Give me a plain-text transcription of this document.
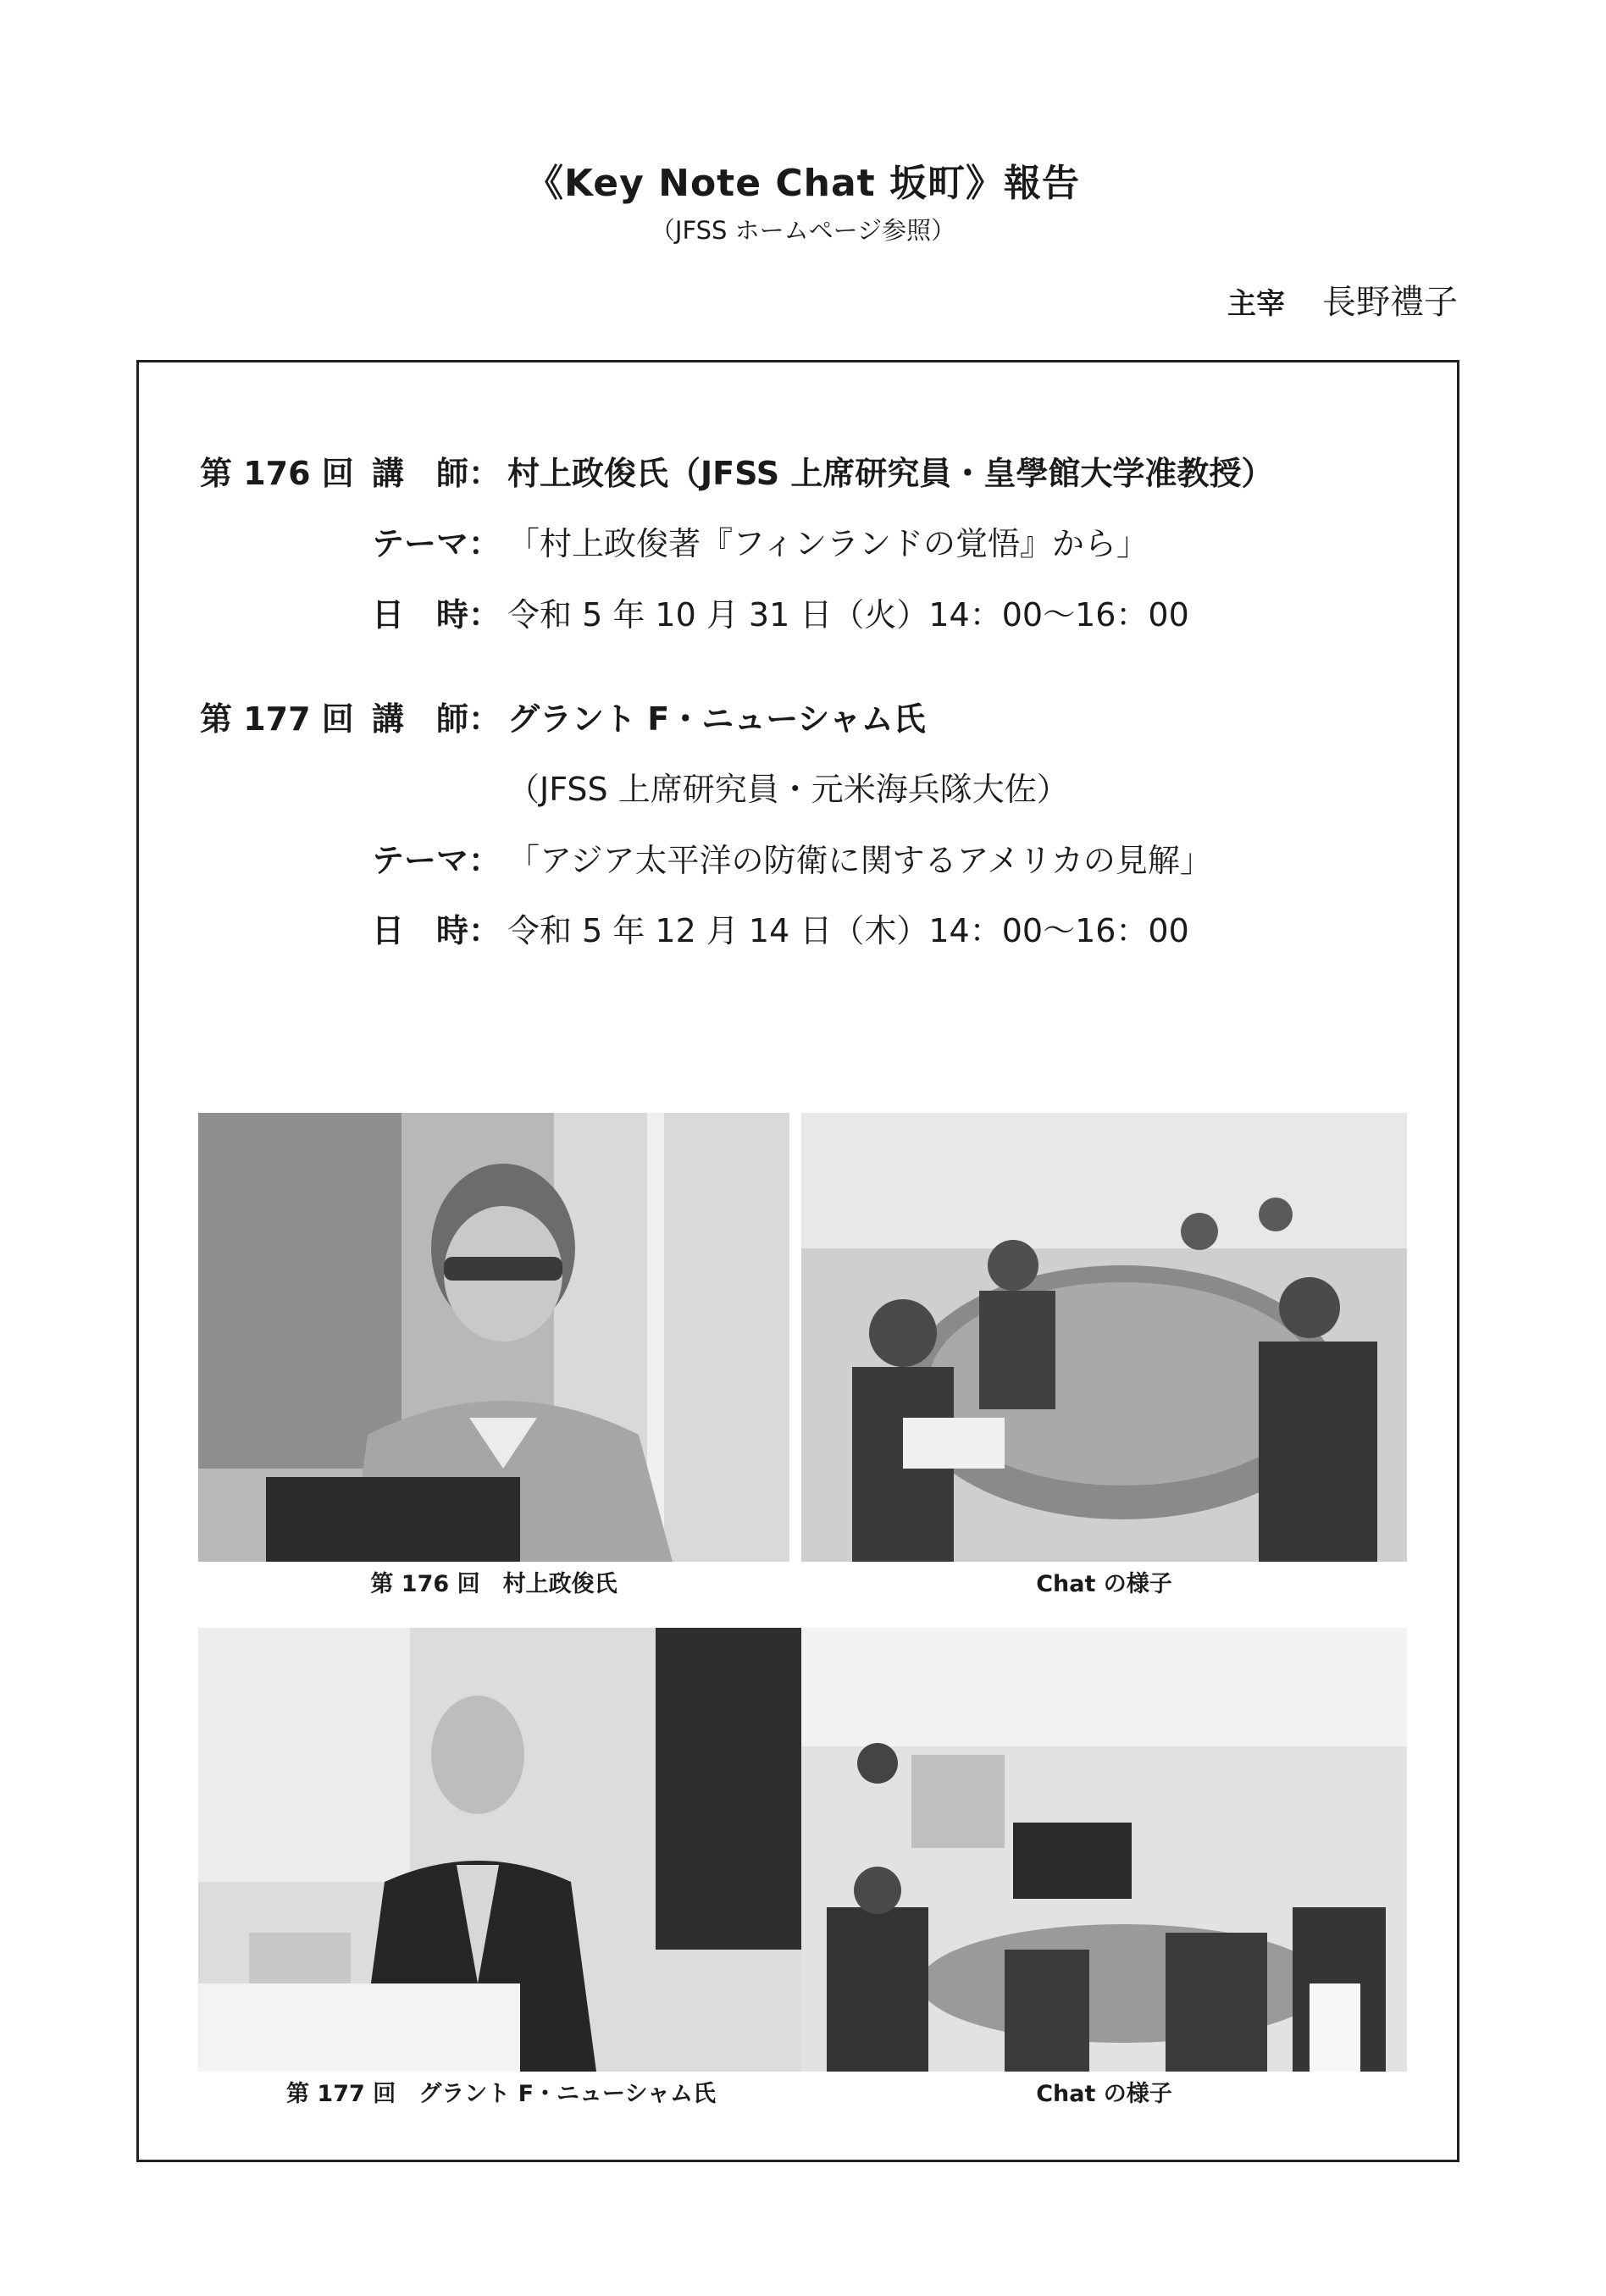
《Key Note Chat 坂町》報告
（JFSS ホームページ参照）
主宰 長野禮子
第 176 回 講　師： 村上政俊氏（JFSS 上席研究員・皇學館大学准教授）
テーマ： 「村上政俊著『フィンランドの覚悟』から」
日　時： 令和 5 年 10 月 31 日（火）14：00〜16：00
第 177 回 講　師： グラント F・ニューシャム氏
（JFSS 上席研究員・元米海兵隊大佐）
テーマ： 「アジア太平洋の防衛に関するアメリカの見解」
日　時： 令和 5 年 12 月 14 日（木）14：00〜16：00
第 176 回　村上政俊氏	Chat の様子
第 177 回　グラント F・ニューシャム氏	Chat の様子
